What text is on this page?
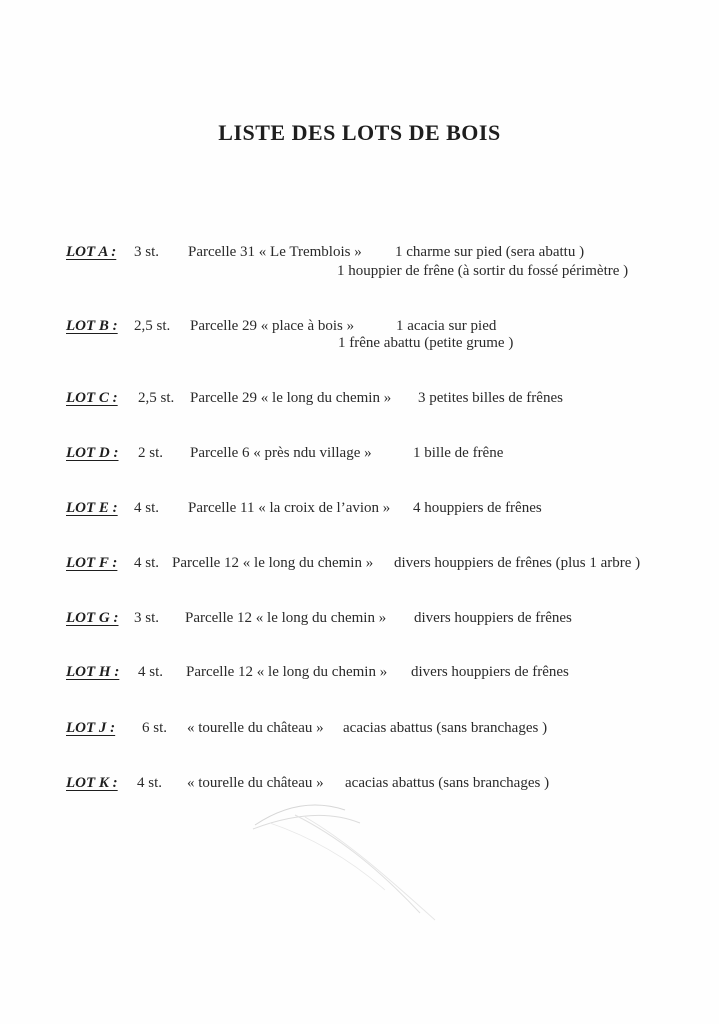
LISTE DES LOTS DE BOIS
LOT A : 3 st. Parcelle 31 « Le Tremblois » 1 charme sur pied (sera abattu )
1 houppier de frêne (à sortir du fossé périmètre )
LOT B : 2,5 st. Parcelle 29 « place à bois »	1 acacia sur pied
1 frêne abattu (petite grume )
LOT C : 2,5 st. Parcelle 29 « le long du chemin » 3 petites billes de frênes
LOT D : 2 st. Parcelle 6 « près ndu village »	1 bille de frêne
LOT E : 4 st. Parcelle 11 « la croix de l’avion » 4 houppiers de frênes
LOT F : 4 st. Parcelle 12 « le long du chemin » divers houppiers de frênes (plus 1 arbre )
LOT G : 3 st. Parcelle 12 « le long du chemin » divers houppiers de frênes
LOT H : 4 st. Parcelle 12 « le long du chemin » divers houppiers de frênes
LOT J : 6 st. « tourelle du château » acacias abattus (sans branchages )
LOT K : 4 st. « tourelle du château » acacias abattus (sans branchages )
